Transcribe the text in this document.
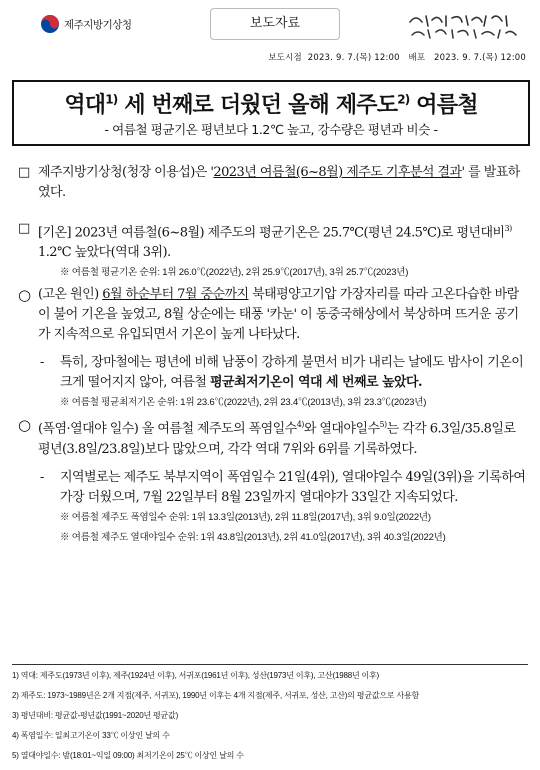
제주지방기상청	보도자료
보도시점 2023. 9. 7.(목) 12:00 배포 2023. 9. 7.(목) 12:00
역대$^{1)}$ 세 번째로 더웠던 올해 제주도$^{2)}$ 여름철
- 여름철 평균기온 평년보다 1.2℃ 높고, 강수량은 평년과 비슷 -
□ 제주지방기상청(청장 이용섭)은 '2023년 여름철(6~8월) 제주도 기후분석 결과' 를 발표하였다.
□ [기온] 2023년 여름철(6~8월) 제주도의 평균기온은 25.7℃(평년 24.5℃)로 평년대비$^{3)}$ 1.2℃ 높았다(역대 3위).
※ 여름철 평균기온 순위: 1위 26.0℃(2022년), 2위 25.9℃(2017년), 3위 25.7℃(2023년)
○ (고온 원인) 6월 하순부터 7월 중순까지 북태평양고기압 가장자리를 따라 고온다습한 바람이 불어 기온을 높였고, 8월 상순에는 태풍 '카눈' 이 동중국해상에서 북상하며 뜨거운 공기가 지속적으로 유입되면서 기온이 높게 나타났다.
- 특히, 장마철에는 평년에 비해 남풍이 강하게 불면서 비가 내리는 날에도 밤사이 기온이 크게 떨어지지 않아, 여름철 평균최저기온이 역대 세 번째로 높았다.
※ 여름철 평균최저기온 순위: 1위 23.6℃(2022년), 2위 23.4℃(2013년), 3위 23.3℃(2023년)
○ (폭염·열대야 일수) 올 여름철 제주도의 폭염일수$^{4)}$와 열대야일수$^{5)}$는 각각 6.3일/35.8일로 평년(3.8일/23.8일)보다 많았으며, 각각 역대 7위와 6위를 기록하였다.
- 지역별로는 제주도 북부지역이 폭염일수 21일(4위), 열대야일수 49일(3위)을 기록하여 가장 더웠으며, 7월 22일부터 8월 23일까지 열대야가 33일간 지속되었다.
※ 여름철 제주도 폭염일수 순위: 1위 13.3일(2013년), 2위 11.8일(2017년), 3위 9.0일(2022년)
※ 여름철 제주도 열대야일수 순위: 1위 43.8일(2013년), 2위 41.0일(2017년), 3위 40.3일(2022년)
1) 역대: 제주도(1973년 이후), 제주(1924년 이후), 서귀포(1961년 이후), 성산(1973년 이후), 고산(1988년 이후)
2) 제주도: 1973~1989년은 2개 지점(제주, 서귀포), 1990년 이후는 4개 지점(제주, 서귀포, 성산, 고산)의 평균값으로 사용함
3) 평년대비: 평균값-평년값(1991~2020년 평균값)
4) 폭염일수: 일최고기온이 33℃ 이상인 날의 수
5) 열대야일수: 밤(18:01~익일 09:00) 최저기온이 25℃ 이상인 날의 수
